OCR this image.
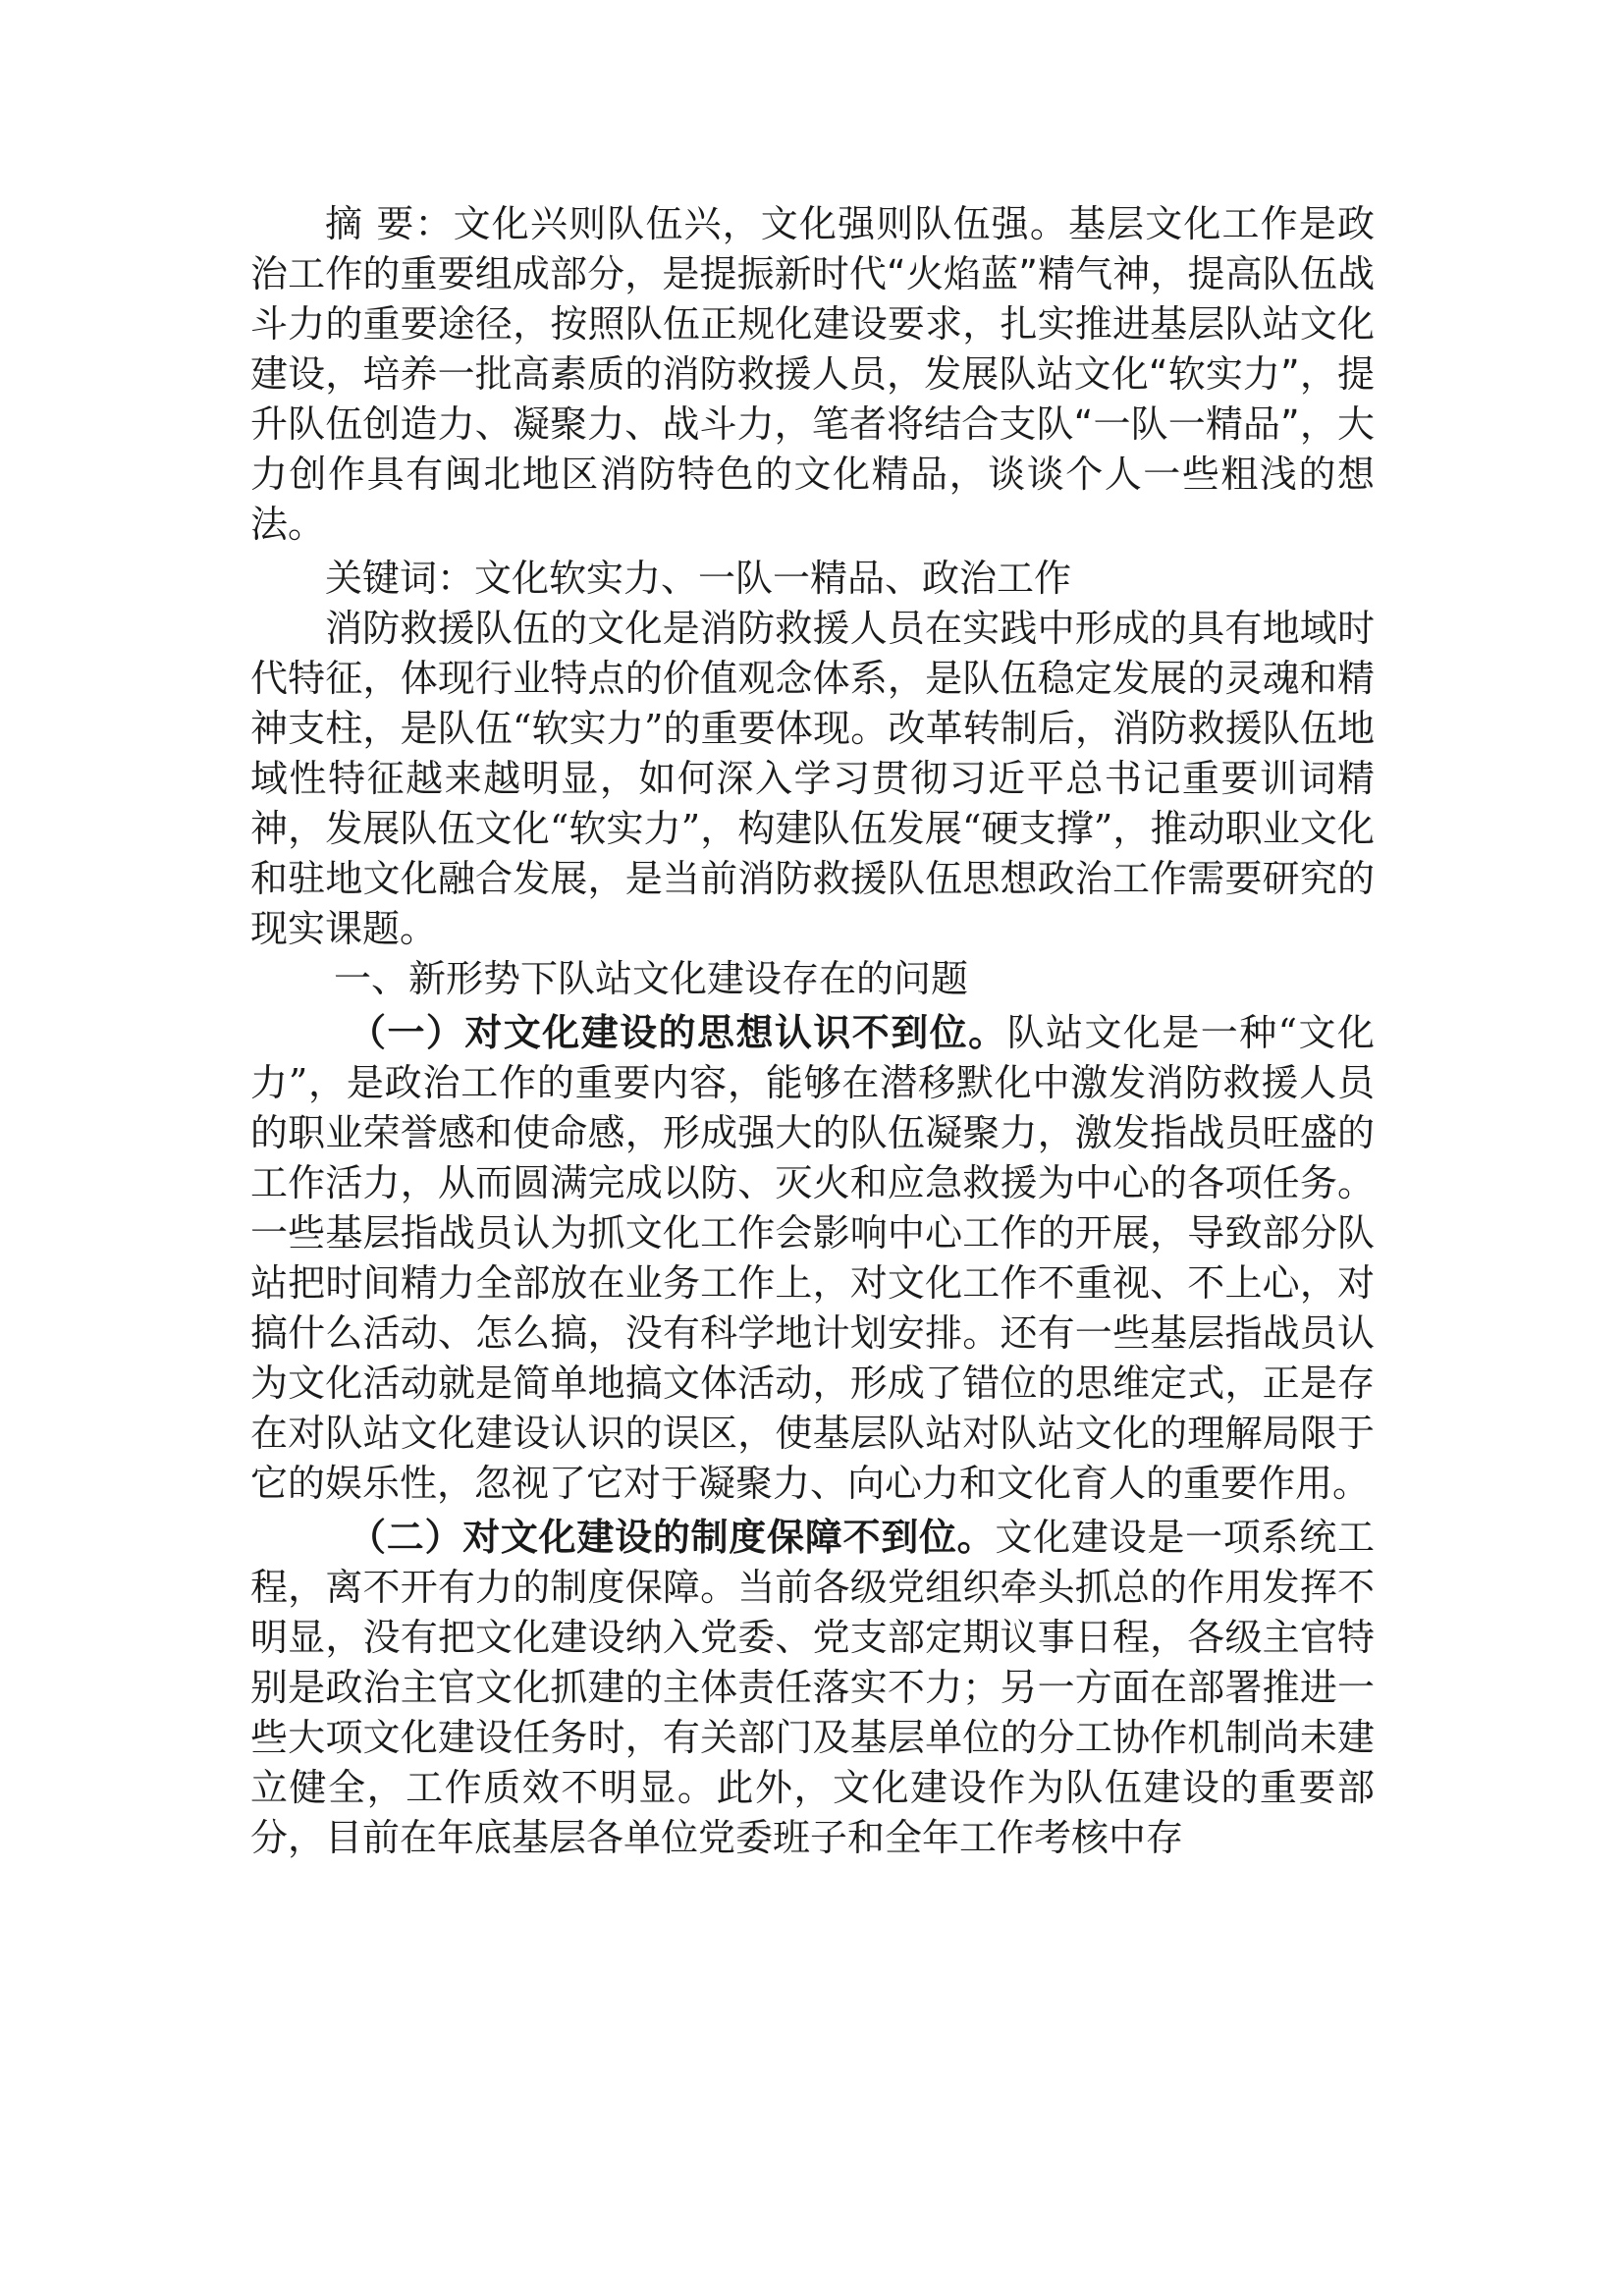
摘 要：文化兴则队伍兴，文化强则队伍强。基层文化工作是政治工作的重要组成部分，是提振新时代“火焰蓝”精气神，提高队伍战斗力的重要途径，按照队伍正规化建设要求，扎实推进基层队站文化建设，培养一批高素质的消防救援人员，发展队站文化“软实力”，提升队伍创造力、凝聚力、战斗力，笔者将结合支队“一队一精品”，大力创作具有闽北地区消防特色的文化精品，谈谈个人一些粗浅的想法。

关键词：文化软实力、一队一精品、政治工作

消防救援队伍的文化是消防救援人员在实践中形成的具有地域时代特征，体现行业特点的价值观念体系，是队伍稳定发展的灵魂和精神支柱，是队伍“软实力”的重要体现。改革转制后，消防救援队伍地域性特征越来越明显，如何深入学习贯彻习近平总书记重要训词精神，发展队伍文化“软实力”，构建队伍发展“硬支撑”，推动职业文化和驻地文化融合发展，是当前消防救援队伍思想政治工作需要研究的现实课题。

一、新形势下队站文化建设存在的问题

（一）对文化建设的思想认识不到位。队站文化是一种“文化力”，是政治工作的重要内容，能够在潜移默化中激发消防救援人员的职业荣誉感和使命感，形成强大的队伍凝聚力，激发指战员旺盛的工作活力，从而圆满完成以防、灭火和应急救援为中心的各项任务。一些基层指战员认为抓文化工作会影响中心工作的开展，导致部分队站把时间精力全部放在业务工作上，对文化工作不重视、不上心，对搞什么活动、怎么搞，没有科学地计划安排。还有一些基层指战员认为文化活动就是简单地搞文体活动，形成了错位的思维定式，正是存在对队站文化建设认识的误区，使基层队站对队站文化的理解局限于它的娱乐性，忽视了它对于凝聚力、向心力和文化育人的重要作用。

（二）对文化建设的制度保障不到位。文化建设是一项系统工程，离不开有力的制度保障。当前各级党组织牵头抓总的作用发挥不明显，没有把文化建设纳入党委、党支部定期议事日程，各级主官特别是政治主官文化抓建的主体责任落实不力；另一方面在部署推进一些大项文化建设任务时，有关部门及基层单位的分工协作机制尚未建立健全，工作质效不明显。此外，文化建设作为队伍建设的重要部分，目前在年底基层各单位党委班子和全年工作考核中存
